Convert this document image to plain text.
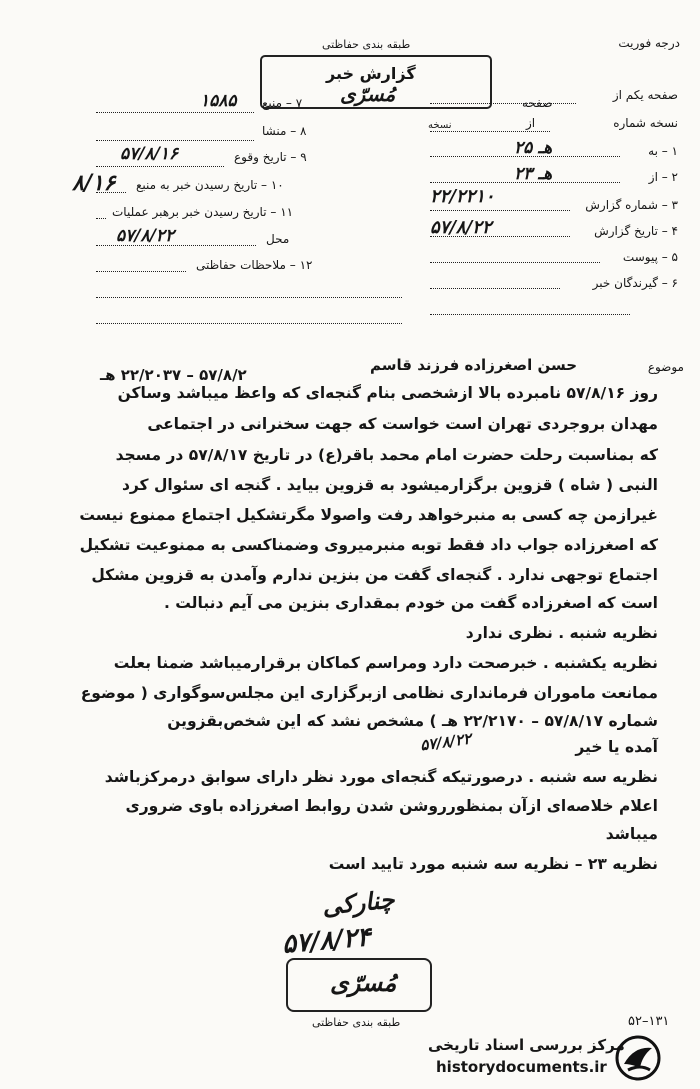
درجه فوریت
طبقه بندی حفاظتی
گزارش خبر
مُسرّی
۱۵۸۵ ۷ – منبع
۸ – منشا
۵۷/۸/۱۶	۹ – تاریخ وقوع
۸/۱۶ ۱۰ – تاریخ رسیدن خبر به منبع
۱۱ – تاریخ رسیدن خبر برهبر عملیات
۵۷/۸/۲۲	محل
۱۲ – ملاحظات حفاظتی
صفحه یکم از
صفحه
نسخه شماره
از
نسخه
۲۵ هـ	۱ – به
۲۳ هـ	۲ – از
۲۲/۲۲۱۰	۳ – شماره گزارش
۵۷/۸/۲۲	۴ – تاریخ گزارش
۵ – پیوست
۶ – گیرندگان خبر
موضوع
حسن اصغرزاده فرزند قاسم
۵۷/۸/۲ – ۲۲/۲۰۳۷ هـ
روز ۵۷/۸/۱۶ نامبرده بالا ازشخصی بنام گنجه‌ای که واعظ میباشد وساکن
مهدان بروجردی تهران است خواست که جهت سخنرانی در اجتماعی
که بمناسبت رحلت حضرت امام محمد باقر(ع) در تاریخ ۵۷/۸/۱۷ در مسجد
النبی ( شاه ) قزوین برگزارمیشود به قزوین بیاید . گنجه ای سئوال کرد
غیرازمن چه کسی به منبرخواهد رفت واصولا مگرتشکیل اجتماع ممنوع نیست
که اصغرزاده جواب داد فقط توبه منبرمیروی وضمناکسی به ممنوعیت تشکیل
اجتماع توجهی ندارد . گنجه‌ای گفت من بنزین ندارم وآمدن به قزوین مشکل
است که اصغرزاده گفت من خودم بمقداری بنزین می آیم دنبالت .
نظریه شنبه . نظری ندارد
نظریه یکشنبه . خبرصحت دارد ومراسم کماکان برقرارمیباشد ضمنا بعلت
ممانعت ماموران فرمانداری نظامی ازبرگزاری این مجلس‌سوگواری ( موضوع
شماره ۵۷/۸/۱۷ – ۲۲/۲۱۷۰ هـ ) مشخص نشد که این شخص‌بقزوین
آمده یا خیر
۵۷/۸/۲۲
نظریه سه شنبه . درصورتیکه گنجه‌ای مورد نظر دارای سوابق درمرکزباشد
اعلام خلاصه‌ای ازآن بمنظورروشن شدن روابط اصغرزاده باوی ضروری
میباشد
نظریه ۲۳ – نظریه سه شنبه مورد تایید است
چنارکی
۵۷/۸/۲۴
مُسرّی
طبقه بندی حفاظتی	۵۲–۱۳۱
مرکز بررسی اسناد تاریخی
historydocuments.ir
